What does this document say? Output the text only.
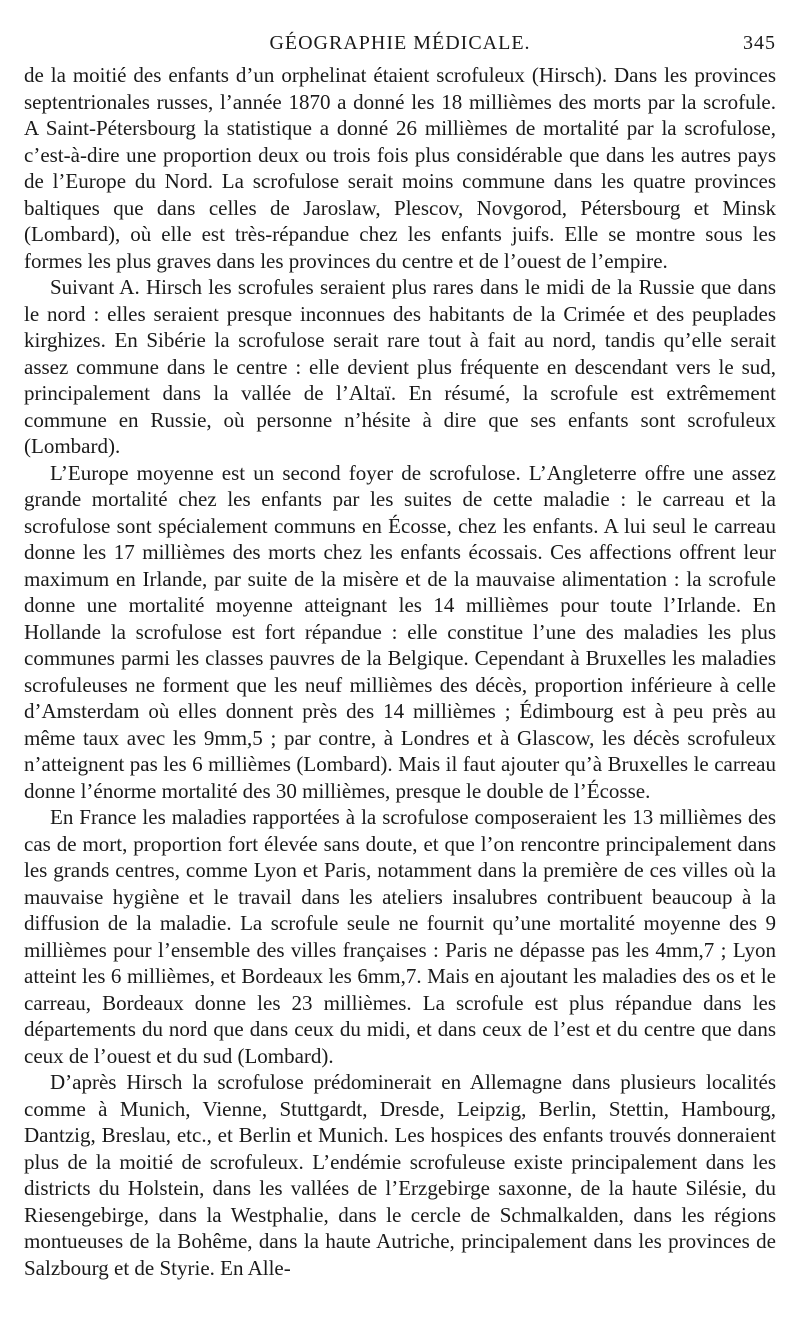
GÉOGRAPHIE MÉDICALE.	345

de la moitié des enfants d’un orphelinat étaient scrofuleux (Hirsch). Dans les provinces septentrionales russes, l’année 1870 a donné les 18 millièmes des morts par la scrofule. A Saint-Pétersbourg la statistique a donné 26 millièmes de mortalité par la scrofulose, c’est-à-dire une proportion deux ou trois fois plus considérable que dans les autres pays de l’Europe du Nord. La scrofulose serait moins commune dans les quatre provinces baltiques que dans celles de Jaroslaw, Plescov, Novgorod, Pétersbourg et Minsk (Lombard), où elle est très-répandue chez les enfants juifs. Elle se montre sous les formes les plus graves dans les provinces du centre et de l’ouest de l’empire.

Suivant A. Hirsch les scrofules seraient plus rares dans le midi de la Russie que dans le nord : elles seraient presque inconnues des habitants de la Crimée et des peuplades kirghizes. En Sibérie la scrofulose serait rare tout à fait au nord, tandis qu’elle serait assez commune dans le centre : elle devient plus fréquente en descendant vers le sud, principalement dans la vallée de l’Altaï. En résumé, la scrofule est extrêmement commune en Russie, où personne n’hésite à dire que ses enfants sont scrofuleux (Lombard).

L’Europe moyenne est un second foyer de scrofulose. L’Angleterre offre une assez grande mortalité chez les enfants par les suites de cette maladie : le carreau et la scrofulose sont spécialement communs en Écosse, chez les enfants. A lui seul le carreau donne les 17 millièmes des morts chez les enfants écossais. Ces affections offrent leur maximum en Irlande, par suite de la misère et de la mauvaise alimentation : la scrofule donne une mortalité moyenne atteignant les 14 millièmes pour toute l’Irlande. En Hollande la scrofulose est fort répandue : elle constitue l’une des maladies les plus communes parmi les classes pauvres de la Belgique. Cependant à Bruxelles les maladies scrofuleuses ne forment que les neuf millièmes des décès, proportion inférieure à celle d’Amsterdam où elles donnent près des 14 millièmes ; Édimbourg est à peu près au même taux avec les 9mm,5 ; par contre, à Londres et à Glascow, les décès scrofuleux n’atteignent pas les 6 millièmes (Lombard). Mais il faut ajouter qu’à Bruxelles le carreau donne l’énorme mortalité des 30 millièmes, presque le double de l’Écosse.

En France les maladies rapportées à la scrofulose composeraient les 13 millièmes des cas de mort, proportion fort élevée sans doute, et que l’on rencontre principalement dans les grands centres, comme Lyon et Paris, notamment dans la première de ces villes où la mauvaise hygiène et le travail dans les ateliers insalubres contribuent beaucoup à la diffusion de la maladie. La scrofule seule ne fournit qu’une mortalité moyenne des 9 millièmes pour l’ensemble des villes françaises : Paris ne dépasse pas les 4mm,7 ; Lyon atteint les 6 millièmes, et Bordeaux les 6mm,7. Mais en ajoutant les maladies des os et le carreau, Bordeaux donne les 23 millièmes. La scrofule est plus répandue dans les départements du nord que dans ceux du midi, et dans ceux de l’est et du centre que dans ceux de l’ouest et du sud (Lombard).

D’après Hirsch la scrofulose prédominerait en Allemagne dans plusieurs localités comme à Munich, Vienne, Stuttgardt, Dresde, Leipzig, Berlin, Stettin, Hambourg, Dantzig, Breslau, etc., et Berlin et Munich. Les hospices des enfants trouvés donneraient plus de la moitié de scrofuleux. L’endémie scrofuleuse existe principalement dans les districts du Holstein, dans les vallées de l’Erzgebirge saxonne, de la haute Silésie, du Riesengebirge, dans la Westphalie, dans le cercle de Schmalkalden, dans les régions montueuses de la Bohême, dans la haute Autriche, principalement dans les provinces de Salzbourg et de Styrie. En Alle-
